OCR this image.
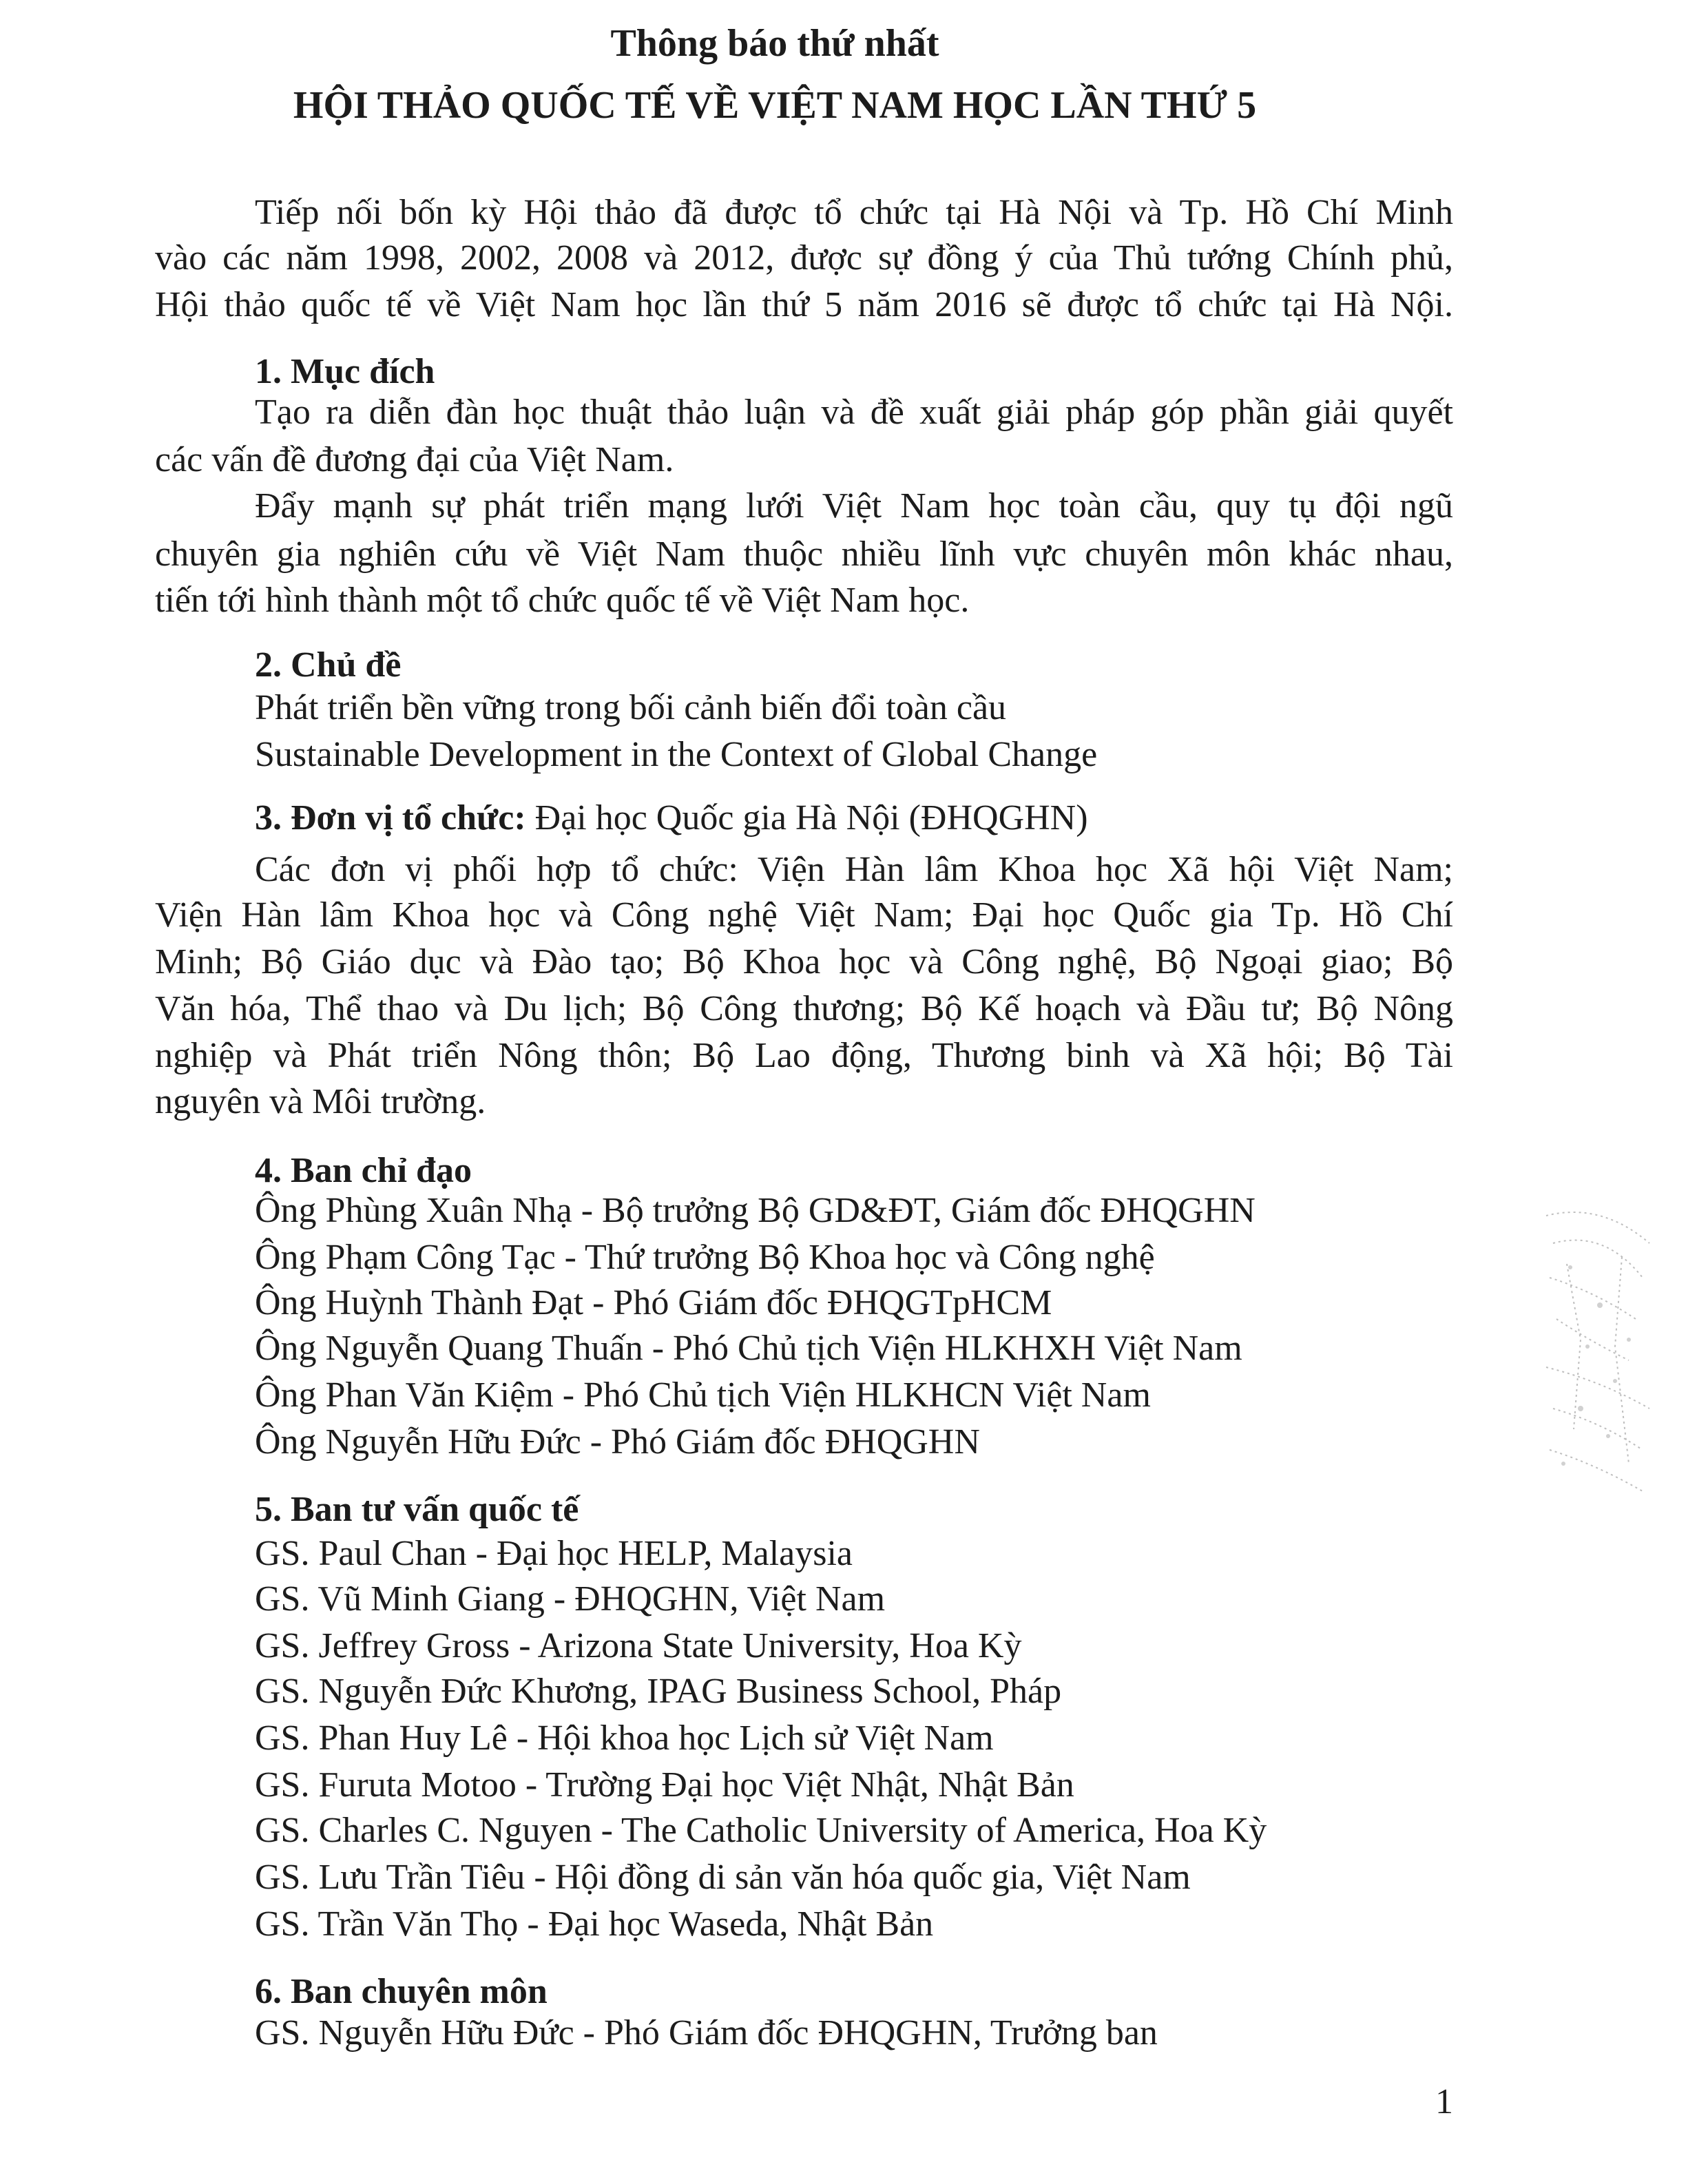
Thông báo thứ nhất
HỘI THẢO QUỐC TẾ VỀ VIỆT NAM HỌC LẦN THỨ 5
Tiếp nối bốn kỳ Hội thảo đã được tổ chức tại Hà Nội và Tp. Hồ Chí Minh
vào các năm 1998, 2002, 2008 và 2012, được sự đồng ý của Thủ tướng Chính phủ,
Hội thảo quốc tế về Việt Nam học lần thứ 5 năm 2016 sẽ được tổ chức tại Hà Nội.
1. Mục đích
Tạo ra diễn đàn học thuật thảo luận và đề xuất giải pháp góp phần giải quyết
các vấn đề đương đại của Việt Nam.
Đẩy mạnh sự phát triển mạng lưới Việt Nam học toàn cầu, quy tụ đội ngũ
chuyên gia nghiên cứu về Việt Nam thuộc nhiều lĩnh vực chuyên môn khác nhau,
tiến tới hình thành một tổ chức quốc tế về Việt Nam học.
2. Chủ đề
Phát triển bền vững trong bối cảnh biến đổi toàn cầu
Sustainable Development in the Context of Global Change
3. Đơn vị tổ chức: Đại học Quốc gia Hà Nội (ĐHQGHN)
Các đơn vị phối hợp tổ chức: Viện Hàn lâm Khoa học Xã hội Việt Nam;
Viện Hàn lâm Khoa học và Công nghệ Việt Nam; Đại học Quốc gia Tp. Hồ Chí
Minh; Bộ Giáo dục và Đào tạo; Bộ Khoa học và Công nghệ, Bộ Ngoại giao; Bộ
Văn hóa, Thể thao và Du lịch; Bộ Công thương; Bộ Kế hoạch và Đầu tư; Bộ Nông
nghiệp và Phát triển Nông thôn; Bộ Lao động, Thương binh và Xã hội; Bộ Tài
nguyên và Môi trường.
4. Ban chỉ đạo
Ông Phùng Xuân Nhạ - Bộ trưởng Bộ GD&ĐT, Giám đốc ĐHQGHN
Ông Phạm Công Tạc - Thứ trưởng Bộ Khoa học và Công nghệ
Ông Huỳnh Thành Đạt - Phó Giám đốc ĐHQGTpHCM
Ông Nguyễn Quang Thuấn - Phó Chủ tịch Viện HLKHXH Việt Nam
Ông Phan Văn Kiệm - Phó Chủ tịch Viện HLKHCN Việt Nam
Ông Nguyễn Hữu Đức - Phó Giám đốc ĐHQGHN
5. Ban tư vấn quốc tế
GS. Paul Chan - Đại học HELP, Malaysia
GS. Vũ Minh Giang - ĐHQGHN, Việt Nam
GS. Jeffrey Gross - Arizona State University, Hoa Kỳ
GS. Nguyễn Đức Khương, IPAG Business School, Pháp
GS. Phan Huy Lê - Hội khoa học Lịch sử Việt Nam
GS. Furuta Motoo - Trường Đại học Việt Nhật, Nhật Bản
GS. Charles C. Nguyen - The Catholic University of America, Hoa Kỳ
GS. Lưu Trần Tiêu - Hội đồng di sản văn hóa quốc gia, Việt Nam
GS. Trần Văn Thọ - Đại học Waseda, Nhật Bản
6. Ban chuyên môn
GS. Nguyễn Hữu Đức - Phó Giám đốc ĐHQGHN, Trưởng ban
1
